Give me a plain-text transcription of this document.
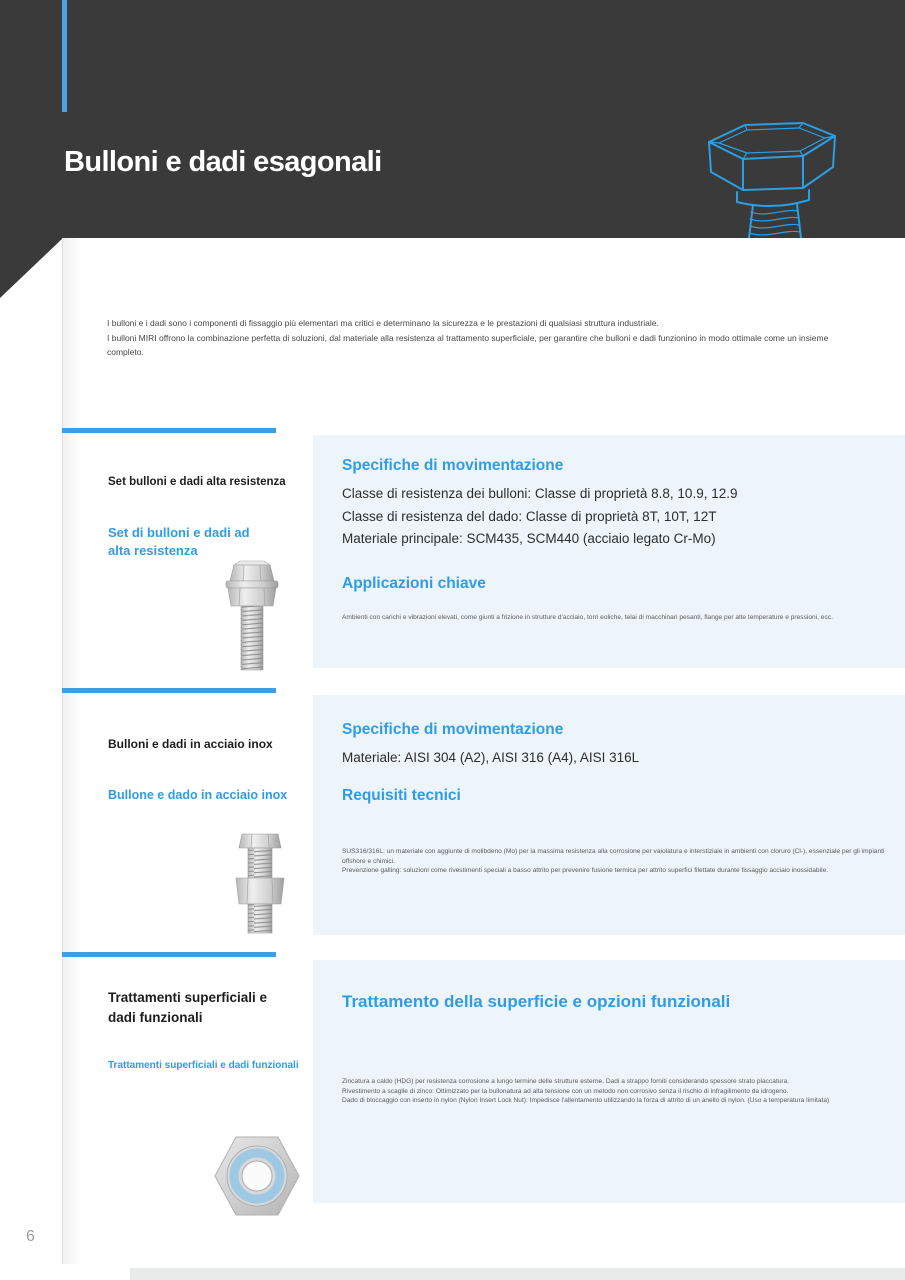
Bulloni e dadi esagonali
I bulloni e i dadi sono i componenti di fissaggio più elementari ma critici e determinano la sicurezza e le prestazioni di qualsiasi struttura industriale.
I bulloni MIRI offrono la combinazione perfetta di soluzioni, dal materiale alla resistenza al trattamento superficiale, per garantire che bulloni e dadi funzionino in modo ottimale come un insieme completo.
Set bulloni e dadi alta resistenza
Set di bulloni e dadi ad alta resistenza
Specifiche di movimentazione
Classe di resistenza dei bulloni: Classe di proprietà 8.8, 10.9, 12.9
Classe di resistenza del dado: Classe di proprietà 8T, 10T, 12T
Materiale principale: SCM435, SCM440 (acciaio legato Cr-Mo)
Applicazioni chiave
Ambienti con carichi e vibrazioni elevati, come giunti a frizione in strutture d'acciaio, torri eoliche, telai di macchinari pesanti, flange per alte temperature e pressioni, ecc.
Bulloni e dadi in acciaio inox
Bullone e dado in acciaio inox
Specifiche di movimentazione
Materiale: AISI 304 (A2), AISI 316 (A4), AISI 316L
Requisiti tecnici
SUS316/316L: un materiale con aggiunte di molibdeno (Mo) per la massima resistenza alla corrosione per vaiolatura e interstiziale in ambienti con cloruro (Cl-), essenziale per gli impianti offshore e chimici.
Prevenzione galling: soluzioni come rivestimenti speciali a basso attrito per prevenire fusione termica per attrito superfici filettate durante fissaggio acciaio inossidabile.
Trattamenti superficiali e dadi funzionali
Trattamenti superficiali e dadi funzionali
Trattamento della superficie e opzioni funzionali
Zincatura a caldo (HDG) per resistenza corrosione a lungo termine delle strutture esterne. Dadi a strappo forniti considerando spessore strato placcatura.
Rivestimento a scaglie di zinco: Ottimizzato per la bullonatura ad alta tensione con un metodo non corrosivo senza il rischio di infragilimento da idrogeno.
Dado di bloccaggio con inserto in nylon (Nylon Insert Lock Nut): Impedisce l'allentamento utilizzando la forza di attrito di un anello di nylon. (Uso a temperatura limitata)
6
